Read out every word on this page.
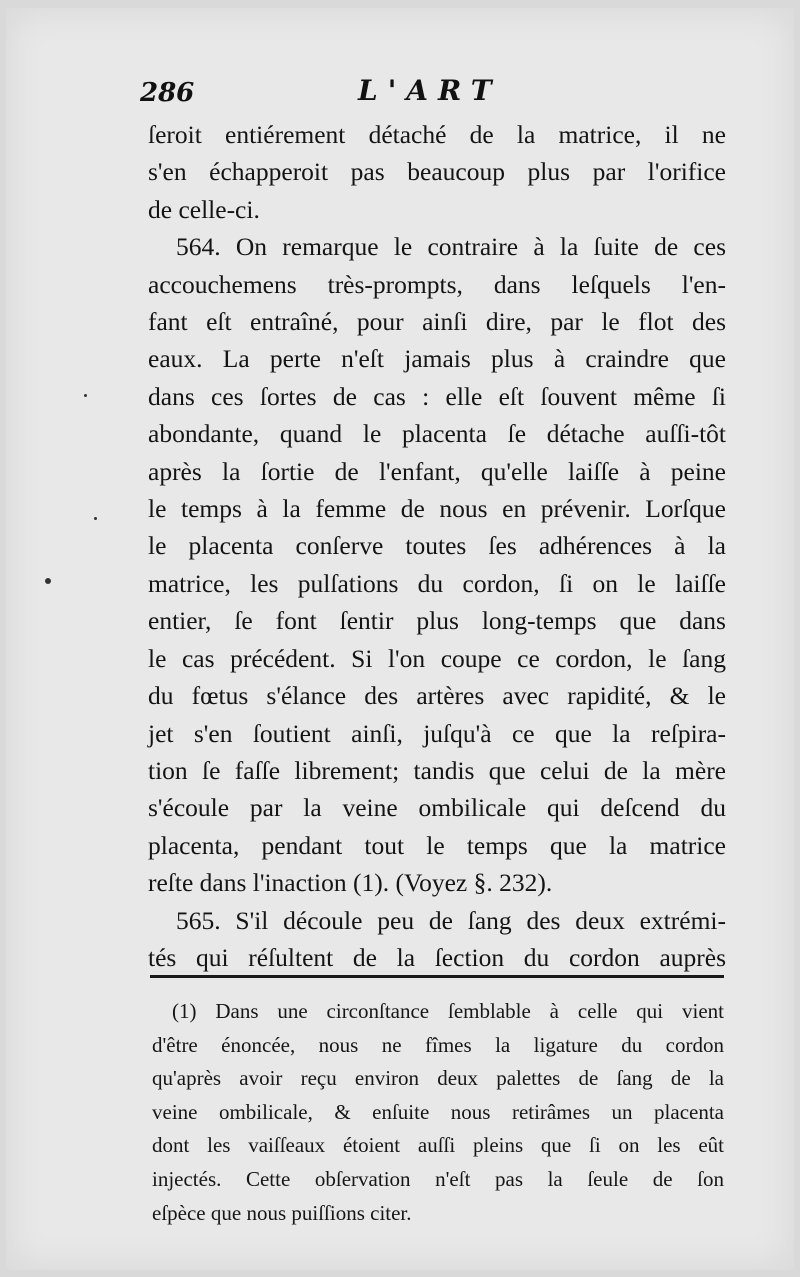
286	L'ART
ſeroit entiérement détaché de la matrice, il ne
s'en échapperoit pas beaucoup plus par l'orifice
de celle-ci.
564. On remarque le contraire à la ſuite de ces
accouchemens très-prompts, dans leſquels l'en-
fant eſt entraîné, pour ainſi dire, par le flot des
eaux. La perte n'eſt jamais plus à craindre que
dans ces ſortes de cas : elle eſt ſouvent même ſi
abondante, quand le placenta ſe détache auſſi-tôt
après la ſortie de l'enfant, qu'elle laiſſe à peine
le temps à la femme de nous en prévenir. Lorſque
le placenta conſerve toutes ſes adhérences à la
matrice, les pulſations du cordon, ſi on le laiſſe
entier, ſe font ſentir plus long-temps que dans
le cas précédent. Si l'on coupe ce cordon, le ſang
du fœtus s'élance des artères avec rapidité, & le
jet s'en ſoutient ainſi, juſqu'à ce que la reſpira-
tion ſe faſſe librement; tandis que celui de la mère
s'écoule par la veine ombilicale qui deſcend du
placenta, pendant tout le temps que la matrice
reſte dans l'inaction (1). (Voyez §. 232).
565. S'il découle peu de ſang des deux extrémi-
tés qui réſultent de la ſection du cordon auprès
(1) Dans une circonſtance ſemblable à celle qui vient
d'être énoncée, nous ne fîmes la ligature du cordon
qu'après avoir reçu environ deux palettes de ſang de la
veine ombilicale, & enſuite nous retirâmes un placenta
dont les vaiſſeaux étoient auſſi pleins que ſi on les eût
injectés. Cette obſervation n'eſt pas la ſeule de ſon
eſpèce que nous puiſſions citer.
